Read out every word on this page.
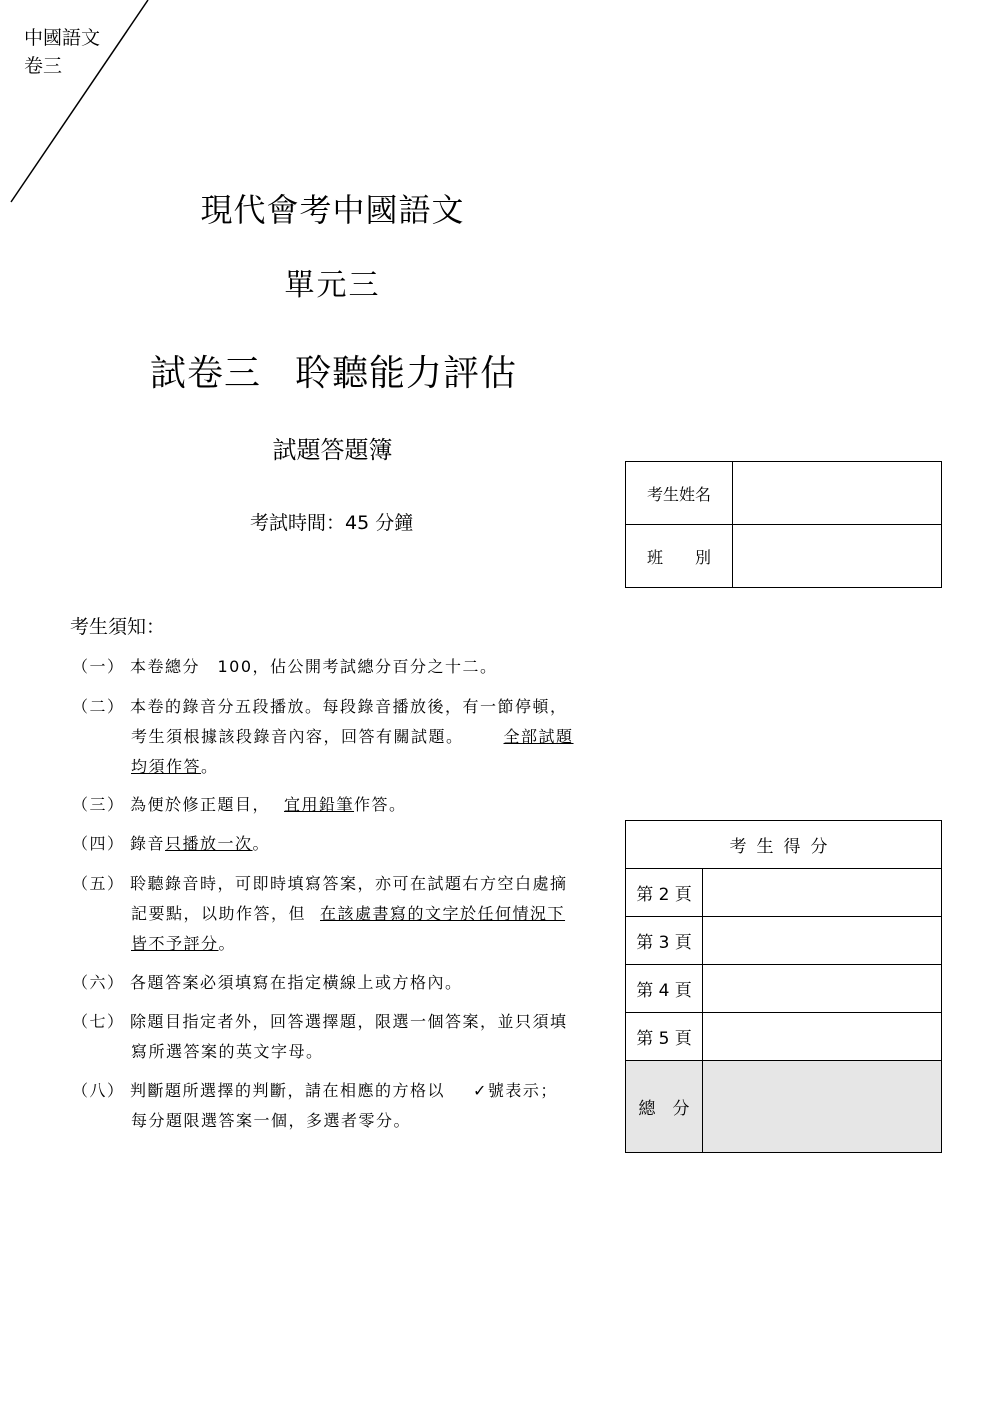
中國語文
卷三
現代會考中國語文
單元三
試卷三 聆聽能力評估
試題答題簿
考試時間：45 分鐘
考生姓名	
班　　別	
考生須知：
（一） 本卷總分　100，佔公開考試總分百分之十二。
（二） 本卷的錄音分五段播放。每段錄音播放後，有一節停頓，
考生須根據該段錄音內容，回答有關試題。	全部試題
均須作答。
（三） 為便於修正題目， 宜用鉛筆作答。
（四） 錄音只播放一次。
（五） 聆聽錄音時，可即時填寫答案，亦可在試題右方空白處摘
記要點，以助作答，但 在該處書寫的文字於任何情況下
皆不予評分。
（六） 各題答案必須填寫在指定橫線上或方格內。
（七） 除題目指定者外，回答選擇題，限選一個答案，並只須填
寫所選答案的英文字母。
（八） 判斷題所選擇的判斷，請在相應的方格以 ✓號表示；
每分題限選答案一個，多選者零分。
考生得分	
第 2 頁	
第 3 頁	
第 4 頁	
第 5 頁	
總　分	
